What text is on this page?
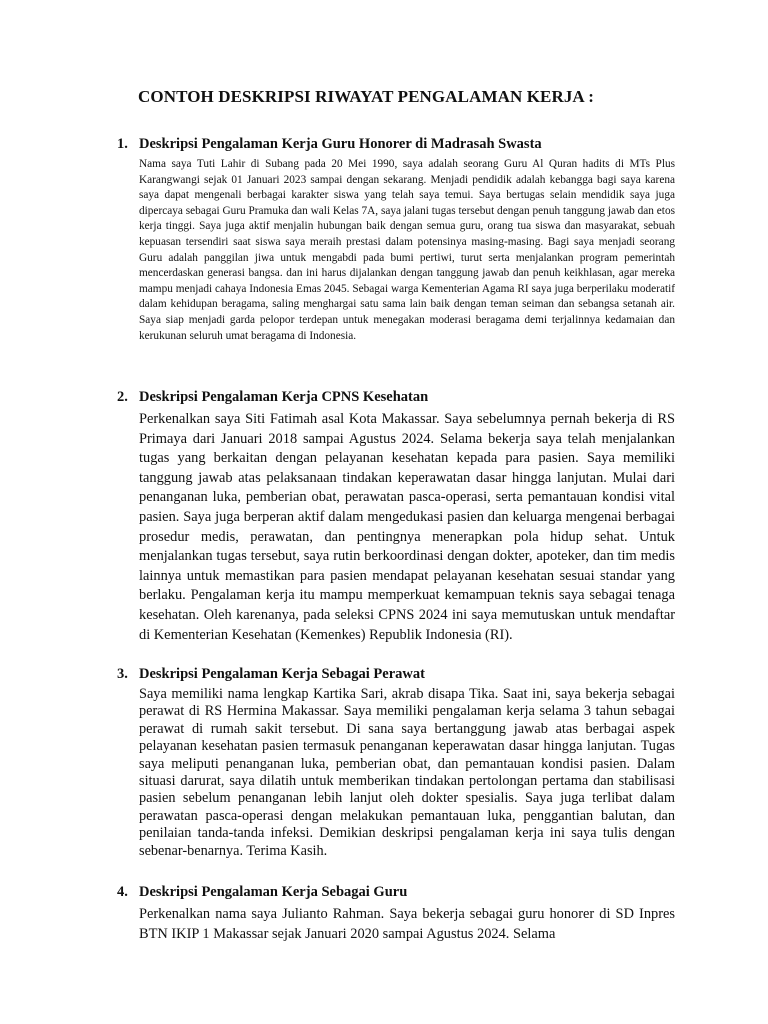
CONTOH DESKRIPSI RIWAYAT PENGALAMAN KERJA :
1. Deskripsi Pengalaman Kerja Guru Honorer di Madrasah Swasta

Nama saya Tuti Lahir di Subang pada 20 Mei 1990, saya adalah seorang Guru Al Quran hadits di MTs Plus Karangwangi sejak 01 Januari 2023 sampai dengan sekarang. Menjadi pendidik adalah kebangga bagi saya karena saya dapat mengenali berbagai karakter siswa yang telah saya temui. Saya bertugas selain mendidik saya juga dipercaya sebagai Guru Pramuka dan wali Kelas 7A, saya jalani tugas tersebut dengan penuh tanggung jawab dan etos kerja tinggi. Saya juga aktif menjalin hubungan baik dengan semua guru, orang tua siswa dan masyarakat, sebuah kepuasan tersendiri saat siswa saya meraih prestasi dalam potensinya masing-masing. Bagi saya menjadi seorang Guru adalah panggilan jiwa untuk mengabdi pada bumi pertiwi, turut serta menjalankan program pemerintah mencerdaskan generasi bangsa. dan ini harus dijalankan dengan tanggung jawab dan penuh keikhlasan, agar mereka mampu menjadi cahaya Indonesia Emas 2045. Sebagai warga Kementerian Agama RI saya juga berperilaku moderatif dalam kehidupan beragama, saling menghargai satu sama lain baik dengan teman seiman dan sebangsa setanah air. Saya siap menjadi garda pelopor terdepan untuk menegakan moderasi beragama demi terjalinnya kedamaian dan kerukunan seluruh umat beragama di Indonesia.

2. Deskripsi Pengalaman Kerja CPNS Kesehatan

Perkenalkan saya Siti Fatimah asal Kota Makassar. Saya sebelumnya pernah bekerja di RS Primaya dari Januari 2018 sampai Agustus 2024. Selama bekerja saya telah menjalankan tugas yang berkaitan dengan pelayanan kesehatan kepada para pasien. Saya memiliki tanggung jawab atas pelaksanaan tindakan keperawatan dasar hingga lanjutan. Mulai dari penanganan luka, pemberian obat, perawatan pasca-operasi, serta pemantauan kondisi vital pasien. Saya juga berperan aktif dalam mengedukasi pasien dan keluarga mengenai berbagai prosedur medis, perawatan, dan pentingnya menerapkan pola hidup sehat. Untuk menjalankan tugas tersebut, saya rutin berkoordinasi dengan dokter, apoteker, dan tim medis lainnya untuk memastikan para pasien mendapat pelayanan kesehatan sesuai standar yang berlaku. Pengalaman kerja itu mampu memperkuat kemampuan teknis saya sebagai tenaga kesehatan. Oleh karenanya, pada seleksi CPNS 2024 ini saya memutuskan untuk mendaftar di Kementerian Kesehatan (Kemenkes) Republik Indonesia (RI).

3. Deskripsi Pengalaman Kerja Sebagai Perawat

Saya memiliki nama lengkap Kartika Sari, akrab disapa Tika. Saat ini, saya bekerja sebagai perawat di RS Hermina Makassar. Saya memiliki pengalaman kerja selama 3 tahun sebagai perawat di rumah sakit tersebut. Di sana saya bertanggung jawab atas berbagai aspek pelayanan kesehatan pasien termasuk penanganan keperawatan dasar hingga lanjutan. Tugas saya meliputi penanganan luka, pemberian obat, dan pemantauan kondisi pasien. Dalam situasi darurat, saya dilatih untuk memberikan tindakan pertolongan pertama dan stabilisasi pasien sebelum penanganan lebih lanjut oleh dokter spesialis. Saya juga terlibat dalam perawatan pasca-operasi dengan melakukan pemantauan luka, penggantian balutan, dan penilaian tanda-tanda infeksi. Demikian deskripsi pengalaman kerja ini saya tulis dengan sebenar-benarnya. Terima Kasih.

4. Deskripsi Pengalaman Kerja Sebagai Guru

Perkenalkan nama saya Julianto Rahman. Saya bekerja sebagai guru honorer di SD Inpres BTN IKIP 1 Makassar sejak Januari 2020 sampai Agustus 2024. Selama
